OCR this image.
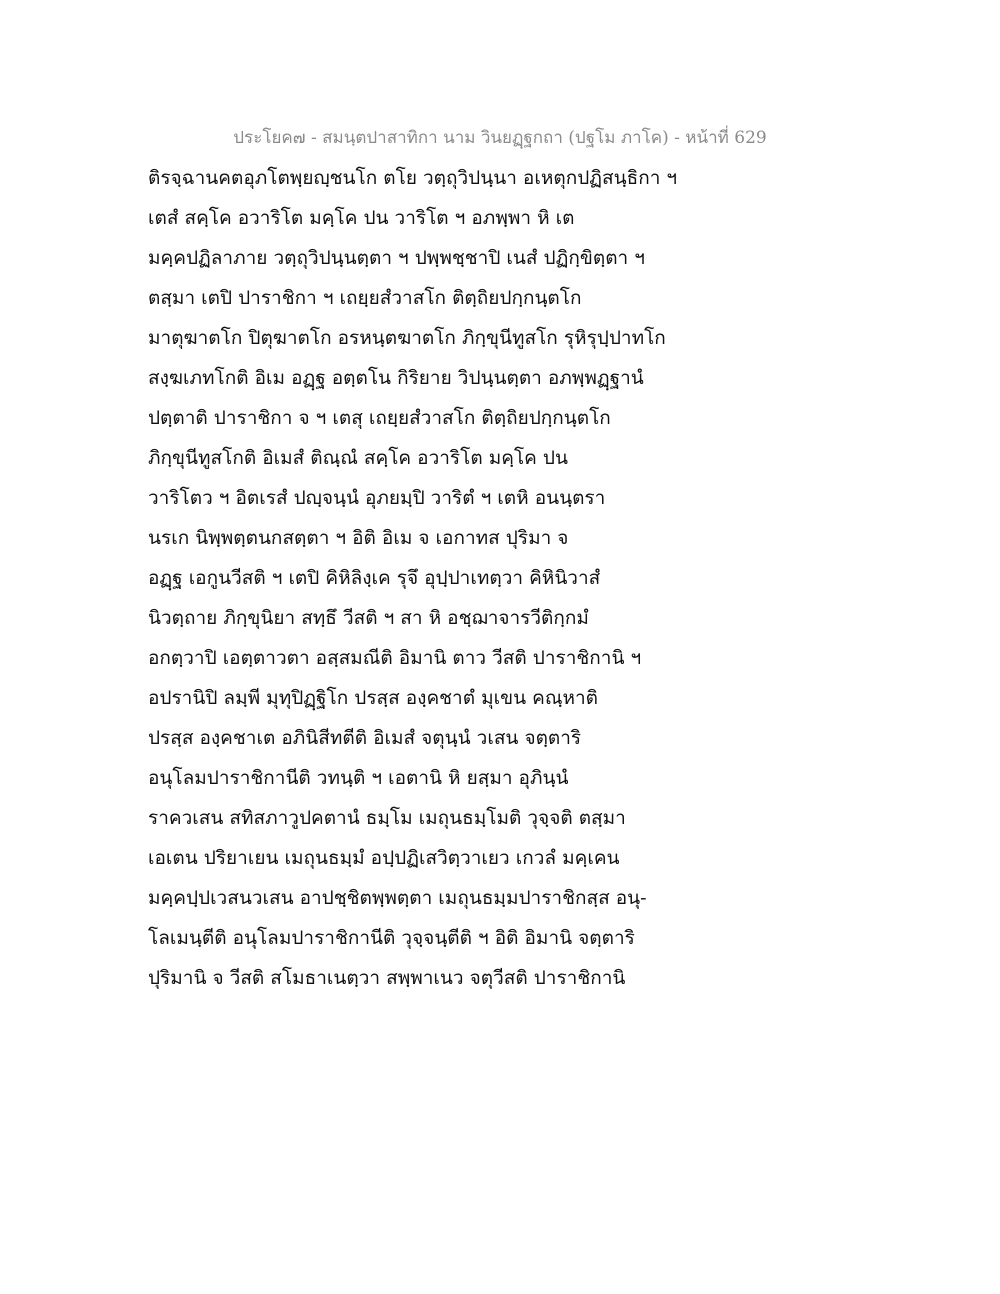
ประโยค๗ - สมนฺตปาสาทิกา นาม วินยฏฺฐกถา (ปฐโม ภาโค) - หน้าที่ 629
ติรจฺฉานคตอุภโตพฺยญฺชนโก ตโย วตฺถุวิปนฺนา อเหตุกปฏิสนฺธิกา ฯ
เตสํ สคฺโค อวาริโต มคฺโค ปน วาริโต ฯ อภพฺพา หิ เต
มคฺคปฏิลาภาย วตฺถุวิปนฺนตฺตา ฯ ปพฺพชฺชาปิ เนสํ ปฏิกฺขิตฺตา ฯ
ตสฺมา เตปิ ปาราชิกา ฯ เถยฺยสํวาสโก ติตฺถิยปกฺกนฺตโก
มาตุฆาตโก ปิตุฆาตโก อรหนฺตฆาตโก ภิกฺขุนีทูสโก รุหิรุปฺปาทโก
สงฺฆเภทโกติ อิเม อฏฺฐ อตฺตโน กิริยาย วิปนฺนตฺตา อภพฺพฏฺฐานํ
ปตฺตาติ ปาราชิกา จ ฯ เตสุ เถยฺยสํวาสโก ติตฺถิยปกฺกนฺตโก
ภิกฺขุนีทูสโกติ อิเมสํ ติณฺณํ สคฺโค อวาริโต มคฺโค ปน
วาริโตว ฯ อิตเรสํ ปญฺจนฺนํ อุภยมฺปิ วาริตํ ฯ เตหิ อนนฺตรา
นรเก นิพฺพตฺตนกสตฺตา ฯ อิติ อิเม จ เอกาทส ปุริมา จ
อฏฺฐ เอกูนวีสติ ฯ เตปิ คิหิลิงฺเค รุจึ อุปฺปาเทตฺวา คิหินิวาสํ
นิวตฺถาย ภิกฺขุนิยา สทฺธึ วีสติ ฯ สา หิ อชฺฌาจารวีติกฺกมํ
อกตฺวาปิ เอตฺตาวตา อสฺสมณีติ อิมานิ ตาว วีสติ ปาราชิกานิ ฯ
อปรานิปิ ลมฺพี มุทุปิฏฺฐิโก ปรสฺส องฺคชาตํ มุเขน คณฺหาติ
ปรสฺส องฺคชาเต อภินิสีทตีติ อิเมสํ จตุนฺนํ วเสน จตฺตาริ
อนุโลมปาราชิกานีติ วทนฺติ ฯ เอตานิ หิ ยสฺมา อุภินฺนํ
ราควเสน สทิสภาวูปคตานํ ธมฺโม เมถุนธมฺโมติ วุจฺจติ ตสฺมา
เอเตน ปริยาเยน เมถุนธมฺมํ อปฺปฏิเสวิตฺวาเยว เกวลํ มคฺเคน
มคฺคปฺปเวสนวเสน อาปชฺชิตพฺพตฺตา เมถุนธมฺมปาราชิกสฺส อนุ-
โลเมนฺตีติ อนุโลมปาราชิกานีติ วุจฺจนฺตีติ ฯ อิติ อิมานิ จตฺตาริ
ปุริมานิ จ วีสติ สโมธาเนตฺวา สพฺพาเนว จตุวีสติ ปาราชิกานิ
